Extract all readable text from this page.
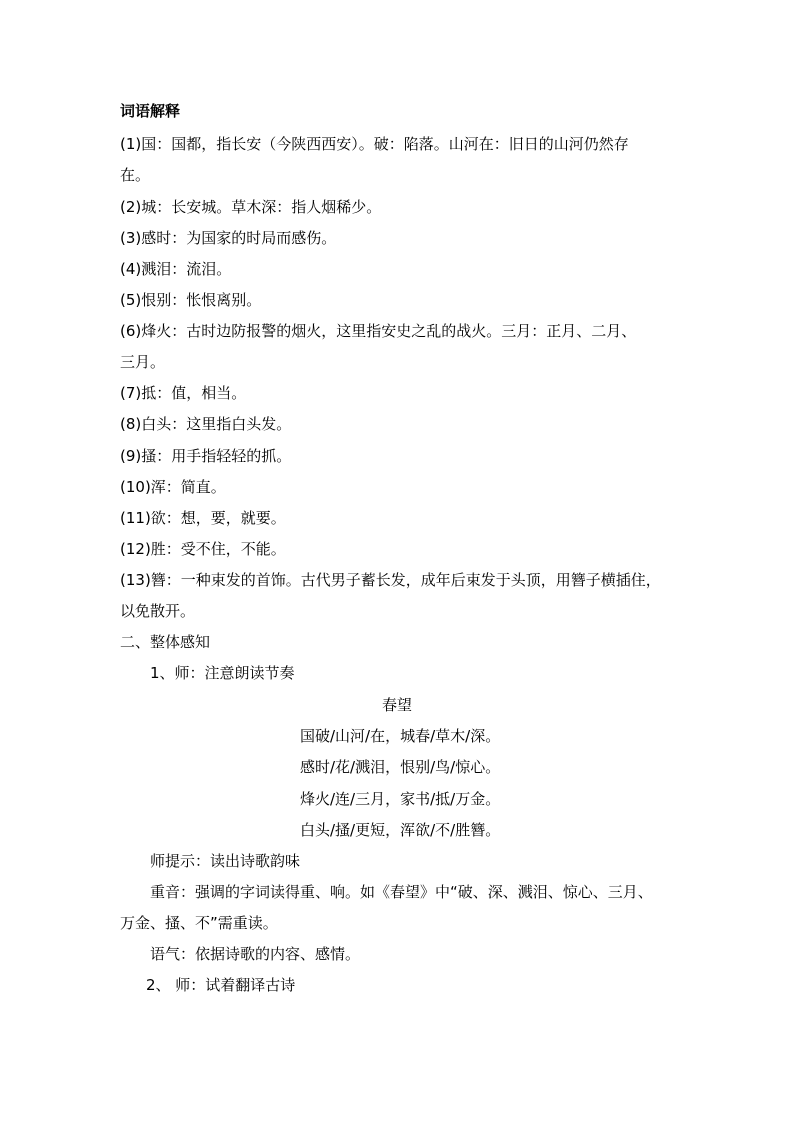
词语解释
(1)国：国都，指长安（今陕西西安）。破：陷落。山河在：旧日的山河仍然存
在。
(2)城：长安城。草木深：指人烟稀少。
(3)感时：为国家的时局而感伤。
(4)溅泪：流泪。
(5)恨别：怅恨离别。
(6)烽火：古时边防报警的烟火，这里指安史之乱的战火。三月：正月、二月、
三月。
(7)抵：值，相当。
(8)白头：这里指白头发。
(9)搔：用手指轻轻的抓。
(10)浑：简直。
(11)欲：想，要，就要。
(12)胜：受不住，不能。
(13)簪：一种束发的首饰。古代男子蓄长发，成年后束发于头顶，用簪子横插住，
以免散开。
二、整体感知
1、师：注意朗读节奏
春望
国破/山河/在，城春/草木/深。
感时/花/溅泪，恨别/鸟/惊心。
烽火/连/三月，家书/抵/万金。
白头/搔/更短，浑欲/不/胜簪。
师提示：读出诗歌韵味
重音：强调的字词读得重、响。如《春望》中“破、深、溅泪、惊心、三月、
万金、搔、不”需重读。
语气：依据诗歌的内容、感情。
2、 师：试着翻译古诗
